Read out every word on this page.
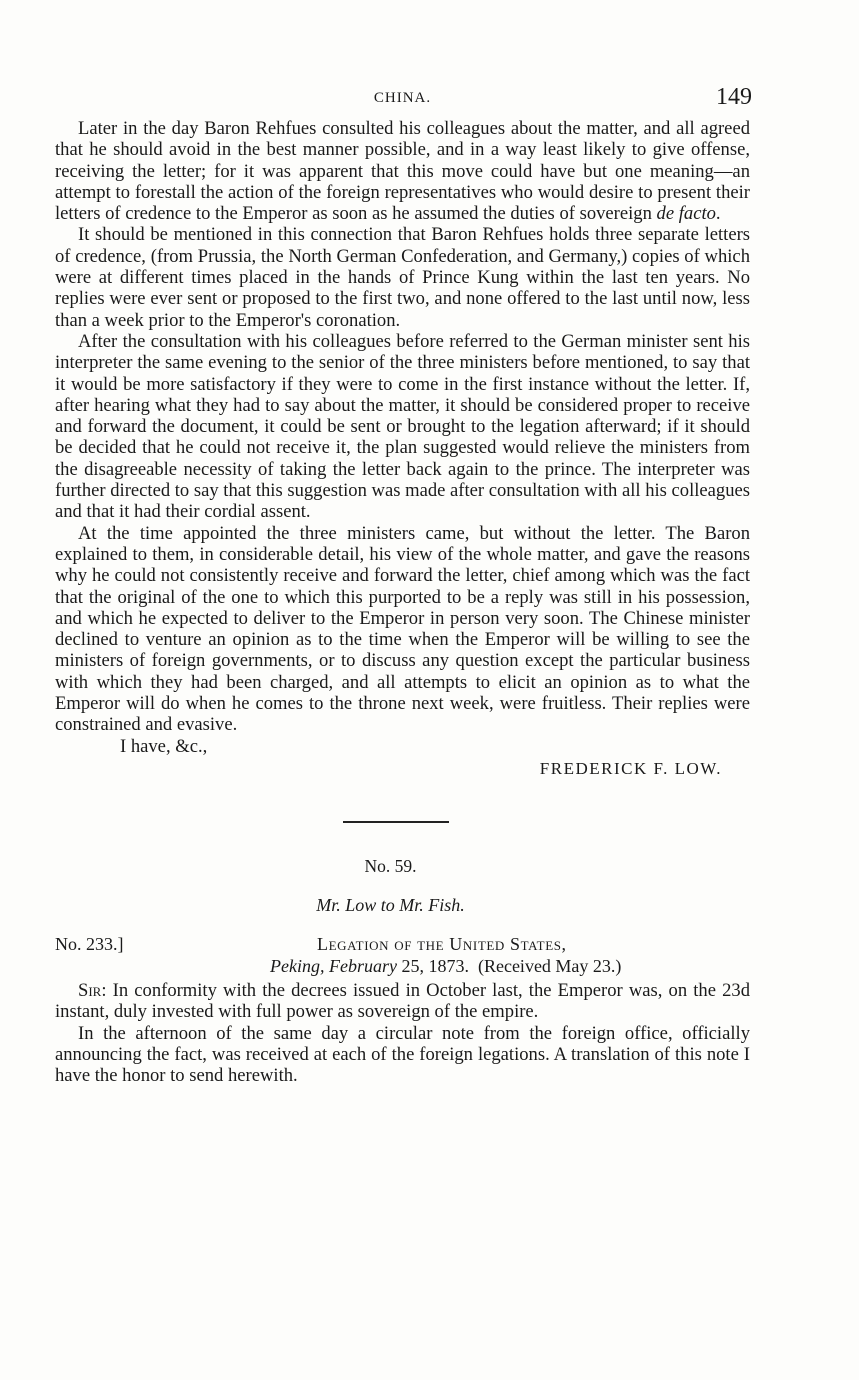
CHINA.	149

Later in the day Baron Rehfues consulted his colleagues about the matter, and all agreed that he should avoid in the best manner possible, and in a way least likely to give offense, receiving the letter; for it was apparent that this move could have but one meaning—an attempt to forestall the action of the foreign representatives who would desire to present their letters of credence to the Emperor as soon as he assumed the duties of sovereign de facto.

It should be mentioned in this connection that Baron Rehfues holds three separate letters of credence, (from Prussia, the North German Confederation, and Germany,) copies of which were at different times placed in the hands of Prince Kung within the last ten years. No replies were ever sent or proposed to the first two, and none offered to the last until now, less than a week prior to the Emperor's coronation.

After the consultation with his colleagues before referred to the German minister sent his interpreter the same evening to the senior of the three ministers before mentioned, to say that it would be more satisfactory if they were to come in the first instance without the letter. If, after hearing what they had to say about the matter, it should be considered proper to receive and forward the document, it could be sent or brought to the legation afterward; if it should be decided that he could not receive it, the plan suggested would relieve the ministers from the disagreeable necessity of taking the letter back again to the prince. The interpreter was further directed to say that this suggestion was made after consultation with all his colleagues and that it had their cordial assent.

At the time appointed the three ministers came, but without the letter. The Baron explained to them, in considerable detail, his view of the whole matter, and gave the reasons why he could not consistently receive and forward the letter, chief among which was the fact that the original of the one to which this purported to be a reply was still in his possession, and which he expected to deliver to the Emperor in person very soon. The Chinese minister declined to venture an opinion as to the time when the Emperor will be willing to see the ministers of foreign governments, or to discuss any question except the particular business with which they had been charged, and all attempts to elicit an opinion as to what the Emperor will do when he comes to the throne next week, were fruitless. Their replies were constrained and evasive.

I have, &c.,

FREDERICK F. LOW.

No. 59.
Mr. Low to Mr. Fish.
No. 233.]	Legation of the United States,
Peking, February 25, 1873. (Received May 23.)

Sir: In conformity with the decrees issued in October last, the Emperor was, on the 23d instant, duly invested with full power as sovereign of the empire.

In the afternoon of the same day a circular note from the foreign office, officially announcing the fact, was received at each of the foreign legations. A translation of this note I have the honor to send herewith.
